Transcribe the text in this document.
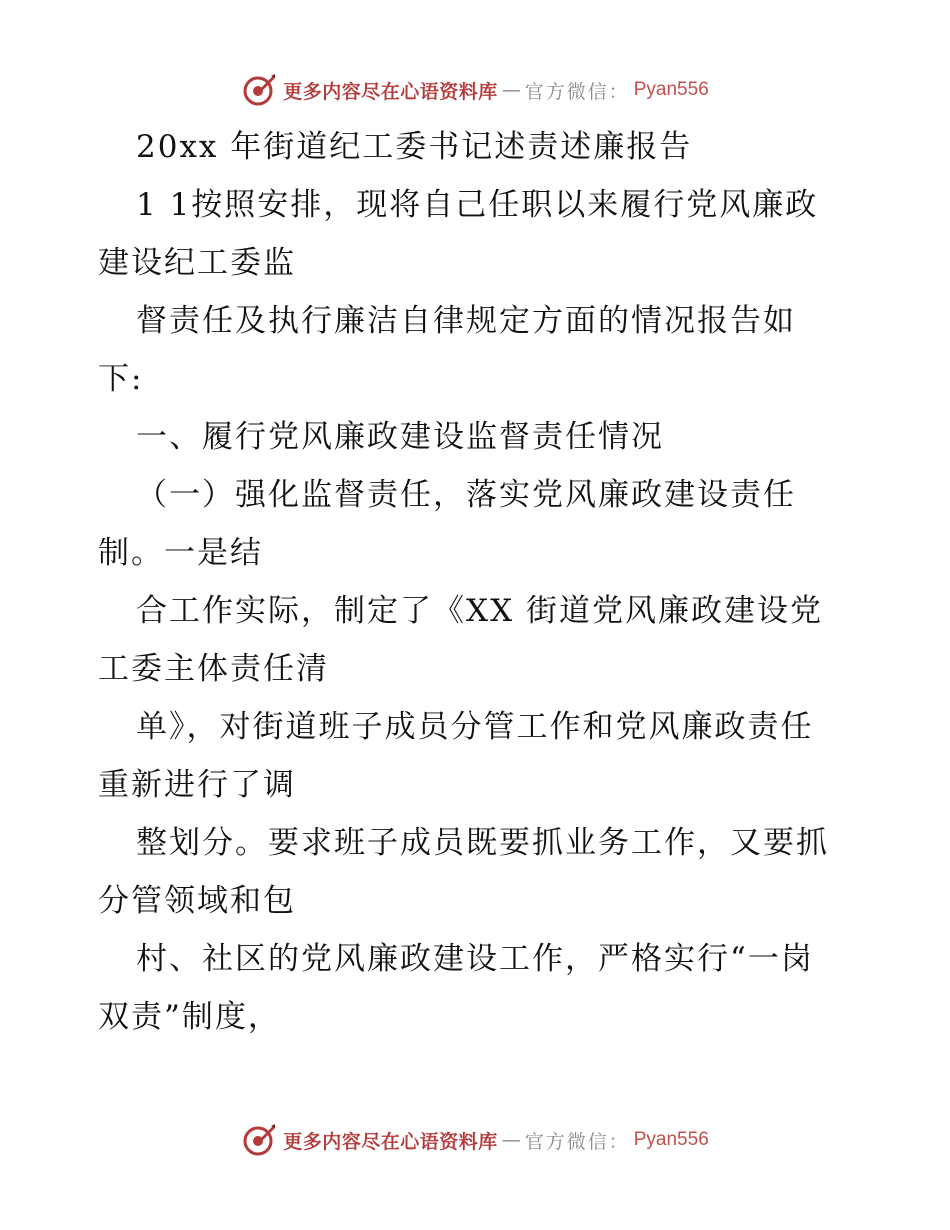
更多内容尽在心语资料库 — 官方微信： Pyan556
20xx 年街道纪工委书记述责述廉报告
1 1按照安排，现将自己任职以来履行党风廉政
建设纪工委监
督责任及执行廉洁自律规定方面的情况报告如
下:
一、履行党风廉政建设监督责任情况
（一）强化监督责任，落实党风廉政建设责任
制。一是结
合工作实际，制定了《XX 街道党风廉政建设党
工委主体责任清
单》，对街道班子成员分管工作和党风廉政责任
重新进行了调
整划分。要求班子成员既要抓业务工作，又要抓
分管领域和包
村、社区的党风廉政建设工作，严格实行“一岗
双责”制度，
更多内容尽在心语资料库 — 官方微信： Pyan556
